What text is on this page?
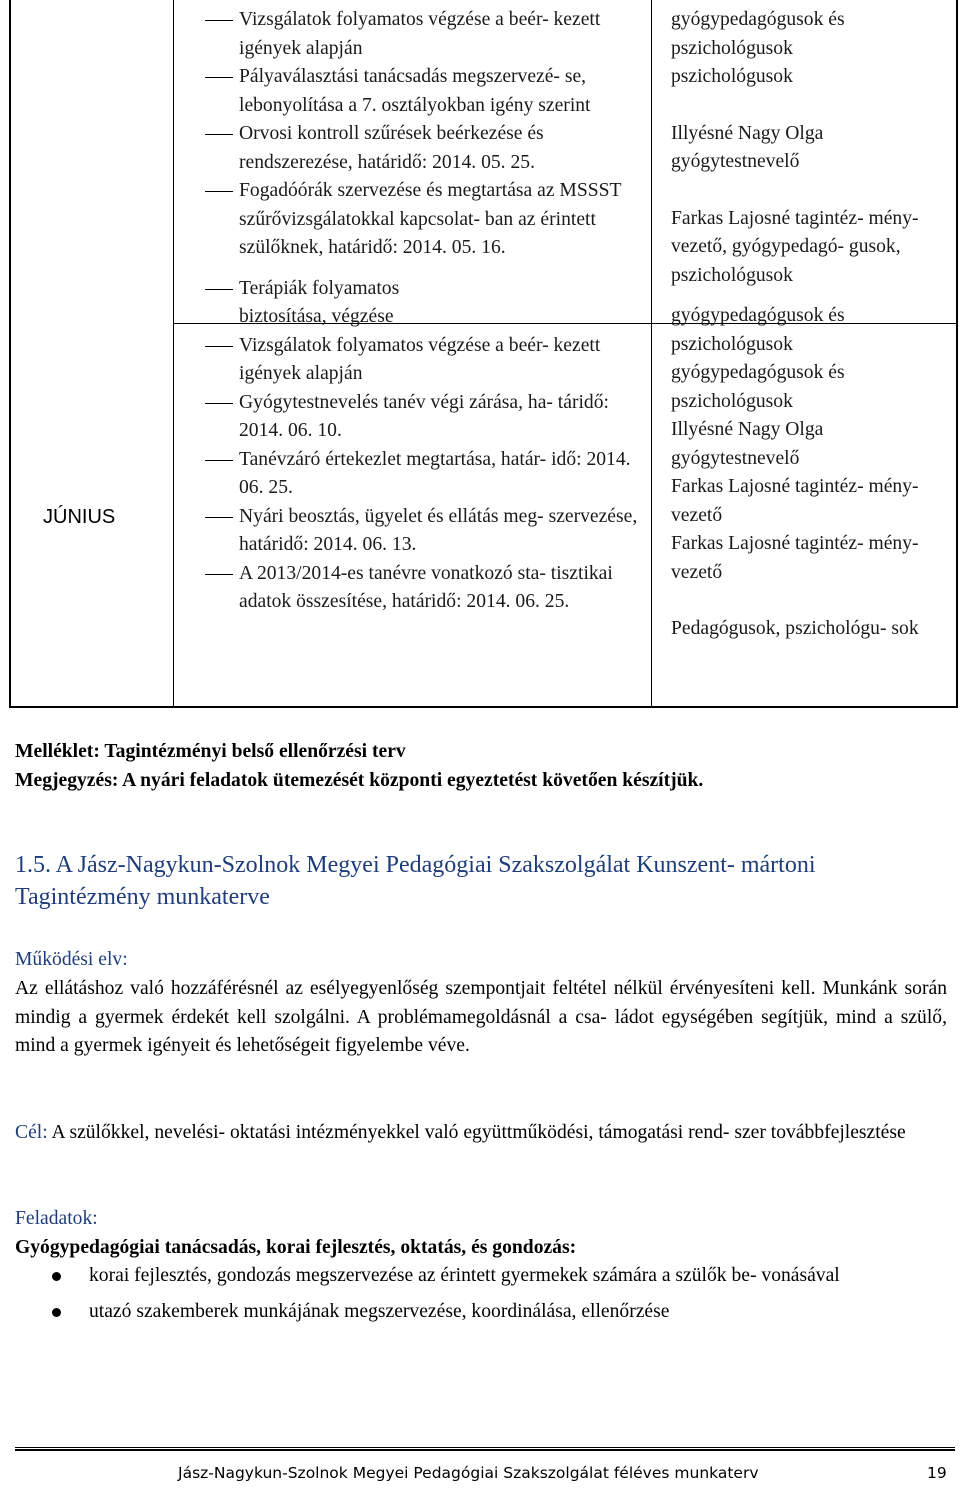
JÚNIUS
Vizsgálatok folyamatos végzése a beér- kezett igények alapján
Pályaválasztási tanácsadás megszervezé- se, lebonyolítása a 7. osztályokban igény szerint
Orvosi kontroll szűrések beérkezése és rendszerezése, határidő: 2014. 05. 25.
Fogadóórák szervezése és megtartása az MSSST szűrővizsgálatokkal kapcsolat- ban az érintett szülőknek, határidő: 2014. 05. 16.
Terápiák folyamatos biztosítása, végzése
Vizsgálatok folyamatos végzése a beér- kezett igények alapján
Gyógytestnevelés tanév végi zárása, ha- táridő: 2014. 06. 10.
Tanévzáró értekezlet megtartása, határ- idő: 2014. 06. 25.
Nyári beosztás, ügyelet és ellátás meg- szervezése, határidő: 2014. 06. 13.
A 2013/2014-es tanévre vonatkozó sta- tisztikai adatok összesítése, határidő: 2014. 06. 25.
gyógypedagógusok és pszichológusok
pszichológusok
Illyésné Nagy Olga gyógytestnevelő
Farkas Lajosné tagintéz- mény-vezető, gyógypedagó- gusok, pszichológusok
gyógypedagógusok és pszichológusok
gyógypedagógusok és pszichológusok
Illyésné Nagy Olga gyógytestnevelő
Farkas Lajosné tagintéz- mény-vezető
Farkas Lajosné tagintéz- mény-vezető
Pedagógusok, pszichológu- sok
Melléklet: Tagintézményi belső ellenőrzési terv
Megjegyzés: A nyári feladatok ütemezését központi egyeztetést követően készítjük.
1.5. A Jász-Nagykun-Szolnok Megyei Pedagógiai Szakszolgálat Kunszent- mártoni Tagintézmény munkaterve
Működési elv:
Az ellátáshoz való hozzáférésnél az esélyegyenlőség szempontjait feltétel nélkül érvényesíteni kell. Munkánk során mindig a gyermek érdekét kell szolgálni. A problémamegoldásnál a csa- ládot egységében segítjük, mind a szülő, mind a gyermek igényeit és lehetőségeit figyelembe véve.
Cél: A szülőkkel, nevelési- oktatási intézményekkel való együttműködési, támogatási rend- szer továbbfejlesztése
Feladatok:
Gyógypedagógiai tanácsadás, korai fejlesztés, oktatás, és gondozás:
korai fejlesztés, gondozás megszervezése az érintett gyermekek számára a szülők be- vonásával
utazó szakemberek munkájának megszervezése, koordinálása, ellenőrzése
Jász-Nagykun-Szolnok Megyei Pedagógiai Szakszolgálat féléves munkaterv	19
